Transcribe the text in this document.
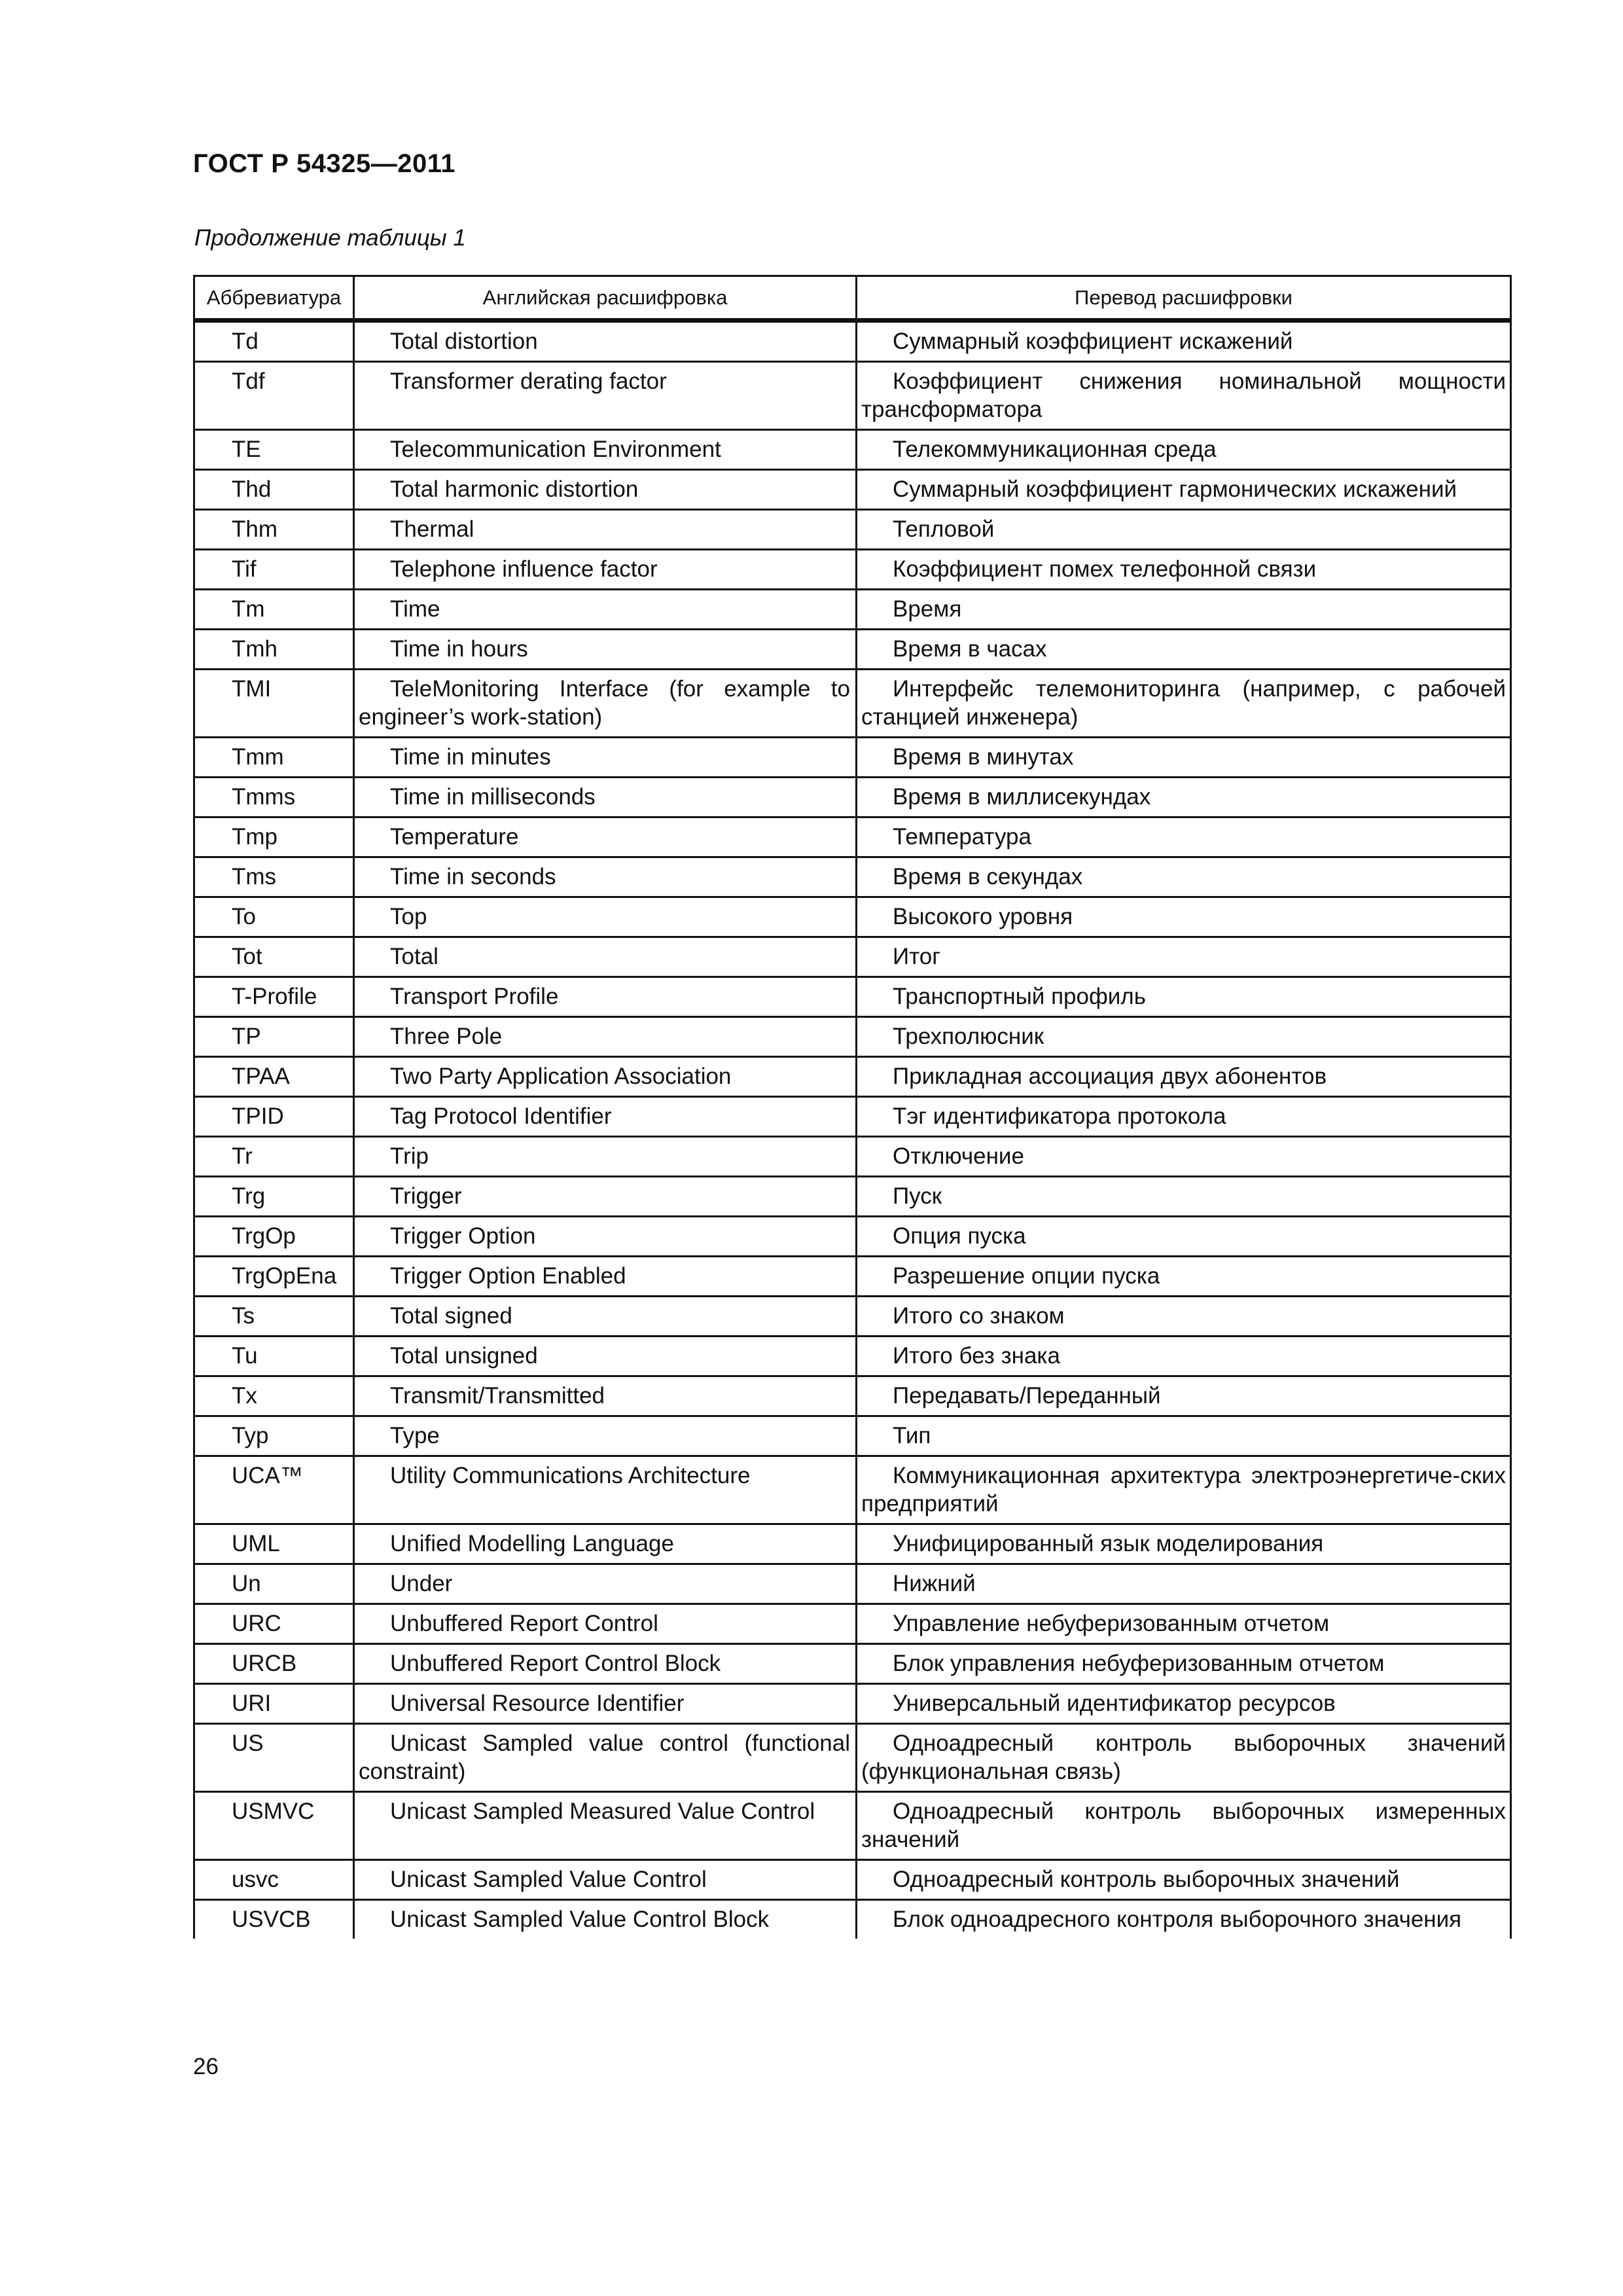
ГОСТ Р 54325—2011
Продолжение таблицы 1
Аббревиатура	Английская расшифровка	Перевод расшифровки
Td	Total distortion	Суммарный коэффициент искажений
Tdf	Transformer derating factor	Коэффициент снижения номинальной мощности трансформатора
TE	Telecommunication Environment	Телекоммуникационная среда
Thd	Total harmonic distortion	Суммарный коэффициент гармонических искажений
Thm	Thermal	Тепловой
Tif	Telephone influence factor	Коэффициент помех телефонной связи
Tm	Time	Время
Tmh	Time in hours	Время в часах
TMI	TeleMonitoring Interface (for example to engineer’s work-station)	Интерфейс телемониторинга (например, с рабочей станцией инженера)
Tmm	Time in minutes	Время в минутах
Tmms	Time in milliseconds	Время в миллисекундах
Tmp	Temperature	Температура
Tms	Time in seconds	Время в секундах
To	Top	Высокого уровня
Tot	Total	Итог
T-Profile	Transport Profile	Транспортный профиль
TP	Three Pole	Трехполюсник
TPAA	Two Party Application Association	Прикладная ассоциация двух абонентов
TPID	Tag Protocol Identifier	Тэг идентификатора протокола
Tr	Trip	Отключение
Trg	Trigger	Пуск
TrgOp	Trigger Option	Опция пуска
TrgOpEna	Trigger Option Enabled	Разрешение опции пуска
Ts	Total signed	Итого со знаком
Tu	Total unsigned	Итого без знака
Tx	Transmit/Transmitted	Передавать/Переданный
Typ	Type	Тип
UCA™	Utility Communications Architecture	Коммуникационная архитектура электроэнергетиче-ских предприятий
UML	Unified Modelling Language	Унифицированный язык моделирования
Un	Under	Нижний
URC	Unbuffered Report Control	Управление небуферизованным отчетом
URCB	Unbuffered Report Control Block	Блок управления небуферизованным отчетом
URI	Universal Resource Identifier	Универсальный идентификатор ресурсов
US	Unicast Sampled value control (functional constraint)	Одноадресный контроль выборочных значений (функциональная связь)
USMVC	Unicast Sampled Measured Value Control	Одноадресный контроль выборочных измеренных значений
usvc	Unicast Sampled Value Control	Одноадресный контроль выборочных значений
USVCB	Unicast Sampled Value Control Block	Блок одноадресного контроля выборочного значения
26
